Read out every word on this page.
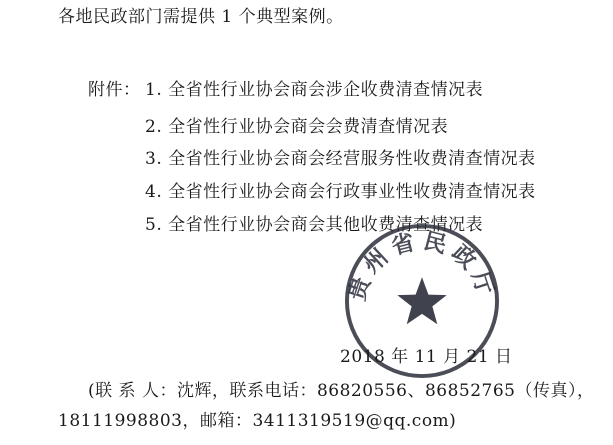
各地民政部门需提供 1 个典型案例。
附件： 1. 全省性行业协会商会涉企收费清查情况表
2. 全省性行业协会商会会费清查情况表
3. 全省性行业协会商会经营服务性收费清查情况表
4. 全省性行业协会商会行政事业性收费清查情况表
5. 全省性行业协会商会其他收费清查情况表
贵州省民政厅
2018 年 11 月 21 日
(联 系 人：沈辉，联系电话：86820556、86852765（传真），
18111998803，邮箱：3411319519@qq.com)
